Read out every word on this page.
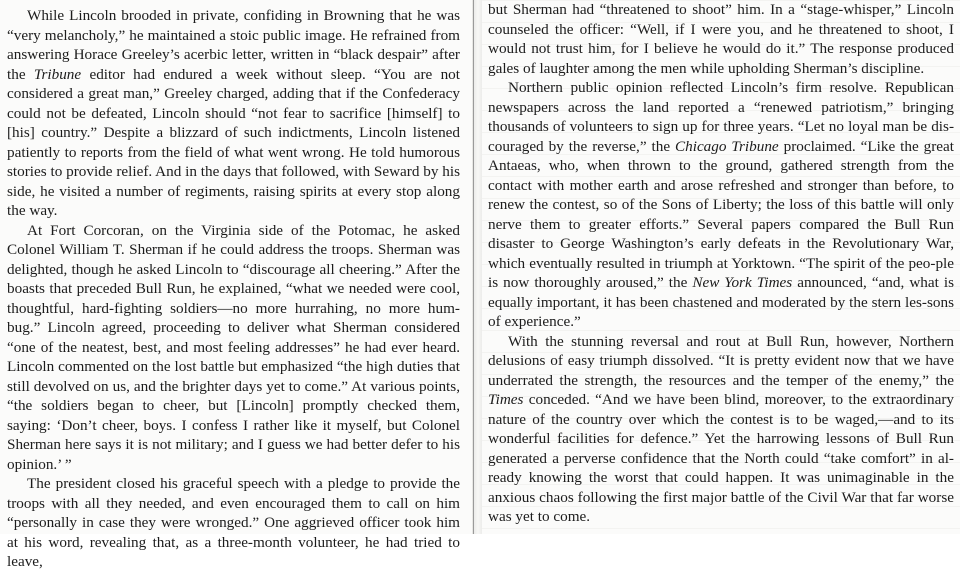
While Lincoln brooded in private, confiding in Browning that he was “very melancholy,” he maintained a stoic public image. He refrained from answering Horace Greeley’s acerbic letter, written in “black despair” after the Tribune editor had endured a week without sleep. “You are not considered a great man,” Greeley charged, adding that if the Confederacy could not be defeated, Lincoln should “not fear to sacrifice [himself] to [his] country.” Despite a blizzard of such indictments, Lincoln listened patiently to reports from the field of what went wrong. He told humorous stories to provide relief. And in the days that followed, with Seward by his side, he visited a number of regiments, raising spirits at every stop along the way.

At Fort Corcoran, on the Virginia side of the Potomac, he asked Colonel William T. Sherman if he could address the troops. Sherman was delighted, though he asked Lincoln to “discourage all cheering.” After the boasts that preceded Bull Run, he explained, “what we needed were cool, thoughtful, hard-fighting soldiers—no more hurrahing, no more hum-bug.” Lincoln agreed, proceeding to deliver what Sherman considered “one of the neatest, best, and most feeling addresses” he had ever heard. Lincoln commented on the lost battle but emphasized “the high duties that still devolved on us, and the brighter days yet to come.” At various points, “the soldiers began to cheer, but [Lincoln] promptly checked them, saying: ‘Don’t cheer, boys. I confess I rather like it myself, but Colonel Sherman here says it is not military; and I guess we had better defer to his opinion.’ ”

The president closed his graceful speech with a pledge to provide the troops with all they needed, and even encouraged them to call on him “personally in case they were wronged.” One aggrieved officer took him at his word, revealing that, as a three-month volunteer, he had tried to leave,

but Sherman had “threatened to shoot” him. In a “stage-whisper,” Lincoln counseled the officer: “Well, if I were you, and he threatened to shoot, I would not trust him, for I believe he would do it.” The response produced gales of laughter among the men while upholding Sherman’s discipline.

Northern public opinion reflected Lincoln’s firm resolve. Republican newspapers across the land reported a “renewed patriotism,” bringing thousands of volunteers to sign up for three years. “Let no loyal man be dis-couraged by the reverse,” the Chicago Tribune proclaimed. “Like the great Antaeas, who, when thrown to the ground, gathered strength from the contact with mother earth and arose refreshed and stronger than before, to renew the contest, so of the Sons of Liberty; the loss of this battle will only nerve them to greater efforts.” Several papers compared the Bull Run disaster to George Washington’s early defeats in the Revolutionary War, which eventually resulted in triumph at Yorktown. “The spirit of the peo-ple is now thoroughly aroused,” the New York Times announced, “and, what is equally important, it has been chastened and moderated by the stern les-sons of experience.”

With the stunning reversal and rout at Bull Run, however, Northern delusions of easy triumph dissolved. “It is pretty evident now that we have underrated the strength, the resources and the temper of the enemy,” the Times conceded. “And we have been blind, moreover, to the extraordinary nature of the country over which the contest is to be waged,—and to its wonderful facilities for defence.” Yet the harrowing lessons of Bull Run generated a perverse confidence that the North could “take comfort” in al-ready knowing the worst that could happen. It was unimaginable in the anxious chaos following the first major battle of the Civil War that far worse was yet to come.
